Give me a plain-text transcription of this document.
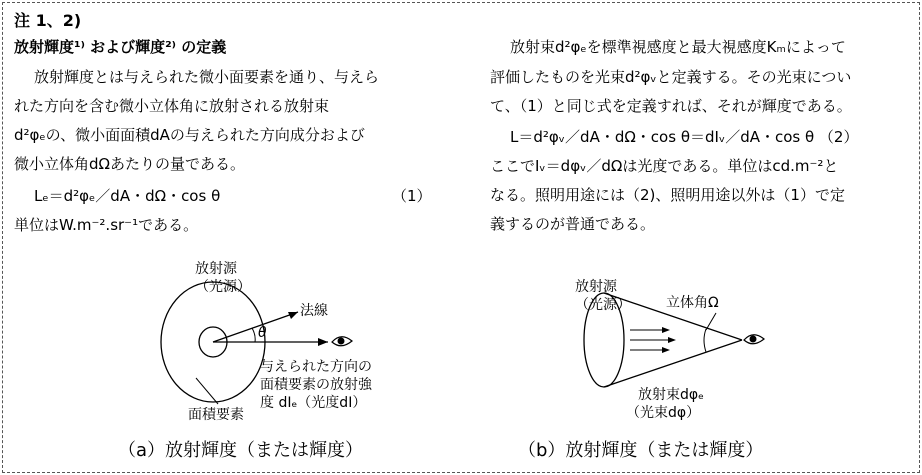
注 1、2)
放射輝度¹⁾ および輝度²⁾ の定義
放射輝度とは与えられた微小面要素を通り、与えら
れた方向を含む微小立体角に放射される放射束
d²φₑの、微小面面積dAの与えられた方向成分および
微小立体角dΩあたりの量である。
Lₑ＝d²φₑ／dA・dΩ・cos θ	（1）
単位はW.m⁻².sr⁻¹である。
放射束d²φₑを標準視感度と最大視感度Kₘによって
評価したものを光束d²φᵥと定義する。その光束につい
て、（1）と同じ式を定義すれば、それが輝度である。
L＝d²φᵥ／dA・dΩ・cos θ＝dIᵥ／dA・cos θ （2）
ここでIᵥ＝dφᵥ／dΩは光度である。単位はcd.m⁻²と
なる。照明用途には（2)、照明用途以外は（1）で定
義するのが普通である。
放射源
（光源）
法線
θ
与えられた方向の
面積要素の放射強
度 dIₑ（光度dI）
面積要素
（a）放射輝度（または輝度）
放射源
（光源）	立体角Ω
放射束dφₑ
（光束dφ）
（b）放射輝度（または輝度）
